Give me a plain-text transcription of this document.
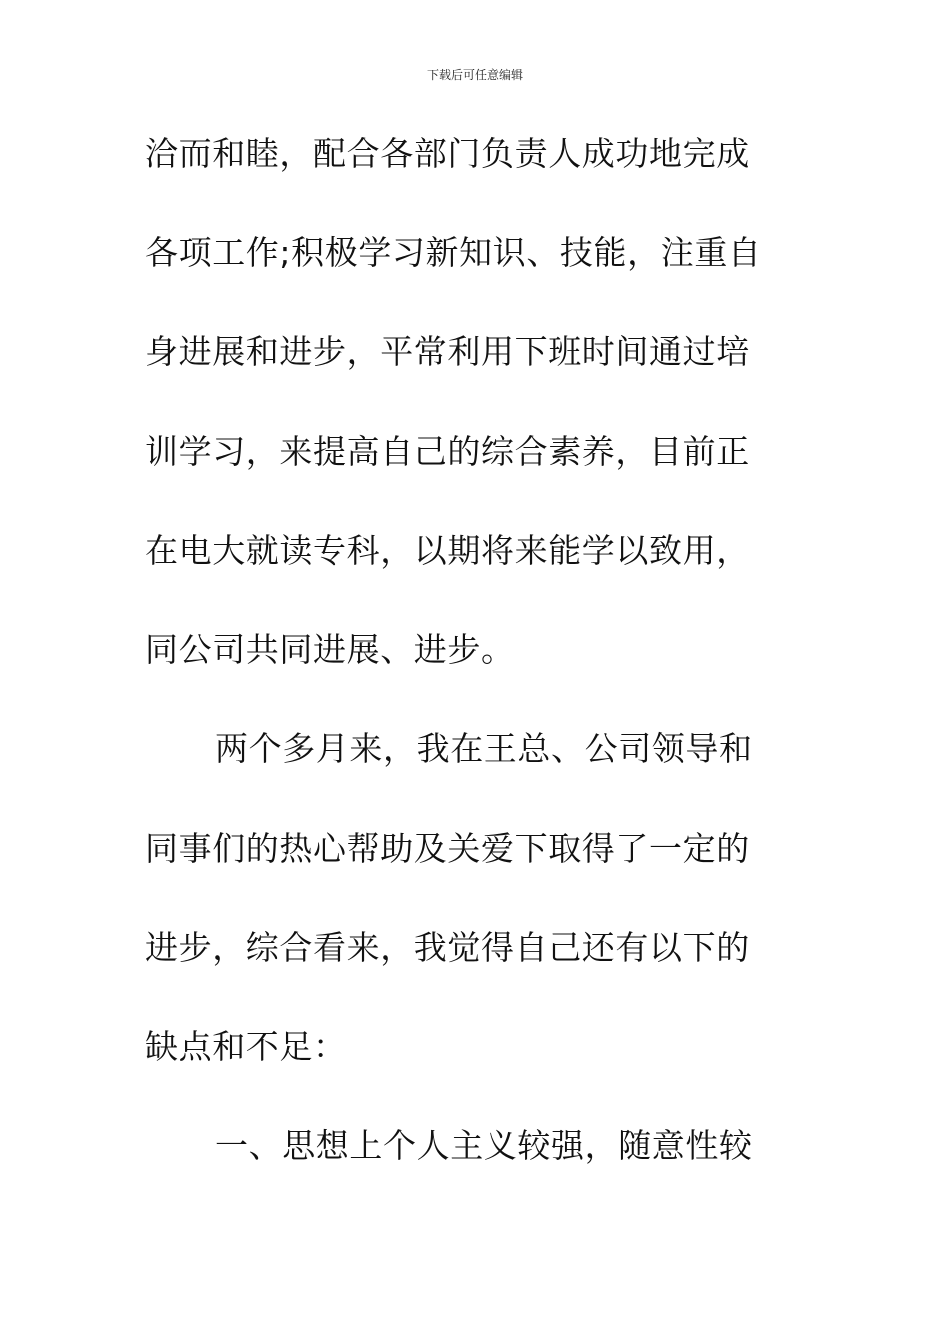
下载后可任意编辑
洽而和睦，配合各部门负责人成功地完成
各项工作;积极学习新知识、技能，注重自
身进展和进步，平常利用下班时间通过培
训学习，来提高自己的综合素养，目前正
在电大就读专科，以期将来能学以致用，
同公司共同进展、进步。
两个多月来，我在王总、公司领导和
同事们的热心帮助及关爱下取得了一定的
进步，综合看来，我觉得自己还有以下的
缺点和不足：
一、思想上个人主义较强，随意性较
